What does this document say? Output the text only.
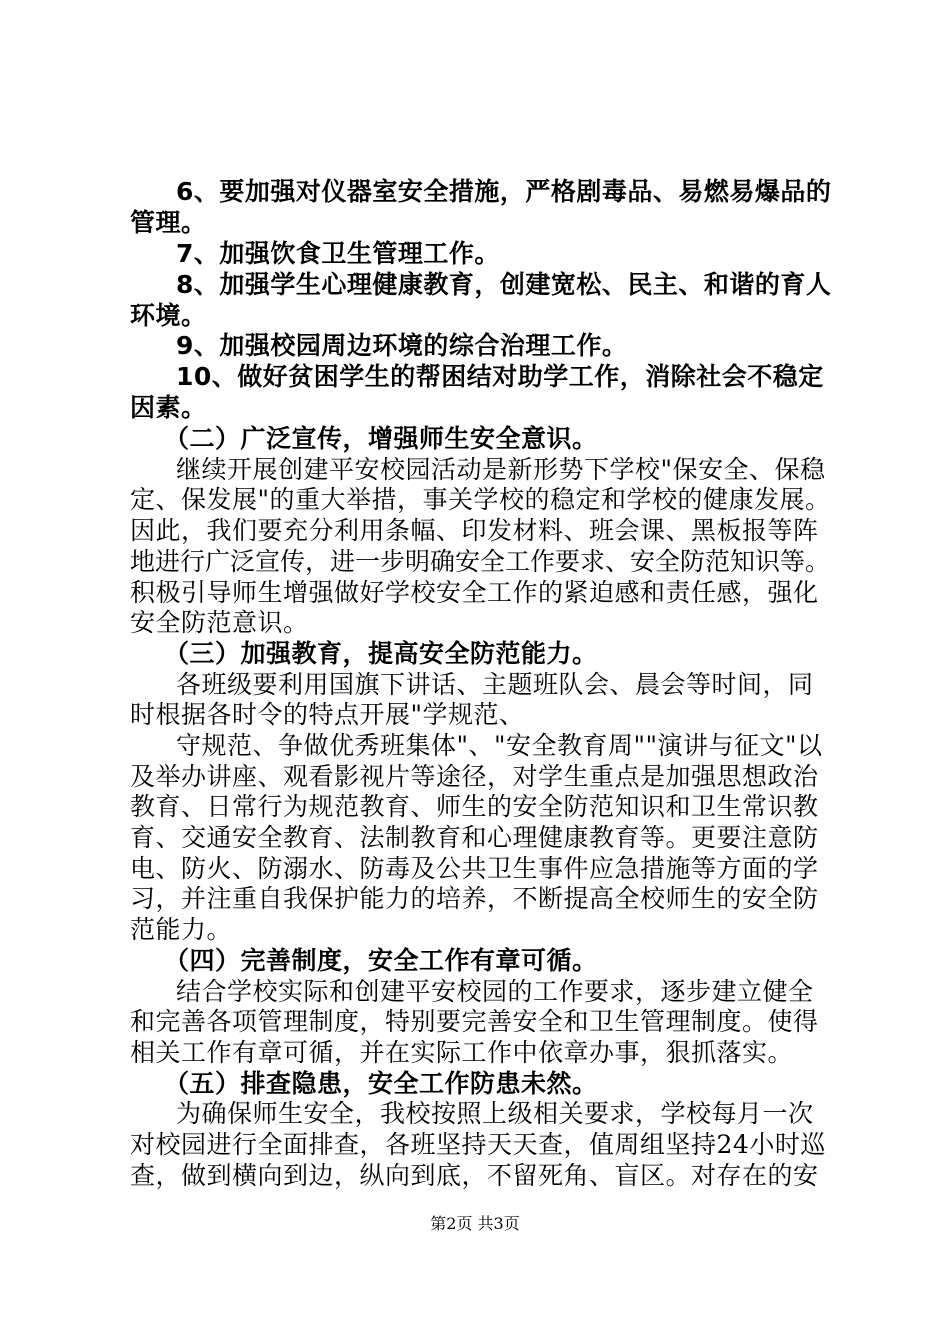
6、要加强对仪器室安全措施，严格剧毒品、易燃易爆品的
管理。
7、加强饮食卫生管理工作。
8、加强学生心理健康教育，创建宽松、民主、和谐的育人
环境。
9、加强校园周边环境的综合治理工作。
10、做好贫困学生的帮困结对助学工作，消除社会不稳定
因素。
（二）广泛宣传，增强师生安全意识。
继续开展创建平安校园活动是新形势下学校"保安全、保稳
定、保发展"的重大举措，事关学校的稳定和学校的健康发展。
因此，我们要充分利用条幅、印发材料、班会课、黑板报等阵
地进行广泛宣传，进一步明确安全工作要求、安全防范知识等。
积极引导师生增强做好学校安全工作的紧迫感和责任感，强化
安全防范意识。
（三）加强教育，提高安全防范能力。
各班级要利用国旗下讲话、主题班队会、晨会等时间，同
时根据各时令的特点开展"学规范、
守规范、争做优秀班集体"、"安全教育周""演讲与征文"以
及举办讲座、观看影视片等途径，对学生重点是加强思想政治
教育、日常行为规范教育、师生的安全防范知识和卫生常识教
育、交通安全教育、法制教育和心理健康教育等。更要注意防
电、防火、防溺水、防毒及公共卫生事件应急措施等方面的学
习，并注重自我保护能力的培养，不断提高全校师生的安全防
范能力。
（四）完善制度，安全工作有章可循。
结合学校实际和创建平安校园的工作要求，逐步建立健全
和完善各项管理制度，特别要完善安全和卫生管理制度。使得
相关工作有章可循，并在实际工作中依章办事，狠抓落实。
（五）排查隐患，安全工作防患未然。
为确保师生安全，我校按照上级相关要求，学校每月一次
对校园进行全面排查，各班坚持天天查，值周组坚持24小时巡
查，做到横向到边，纵向到底，不留死角、盲区。对存在的安
第2页 共3页
